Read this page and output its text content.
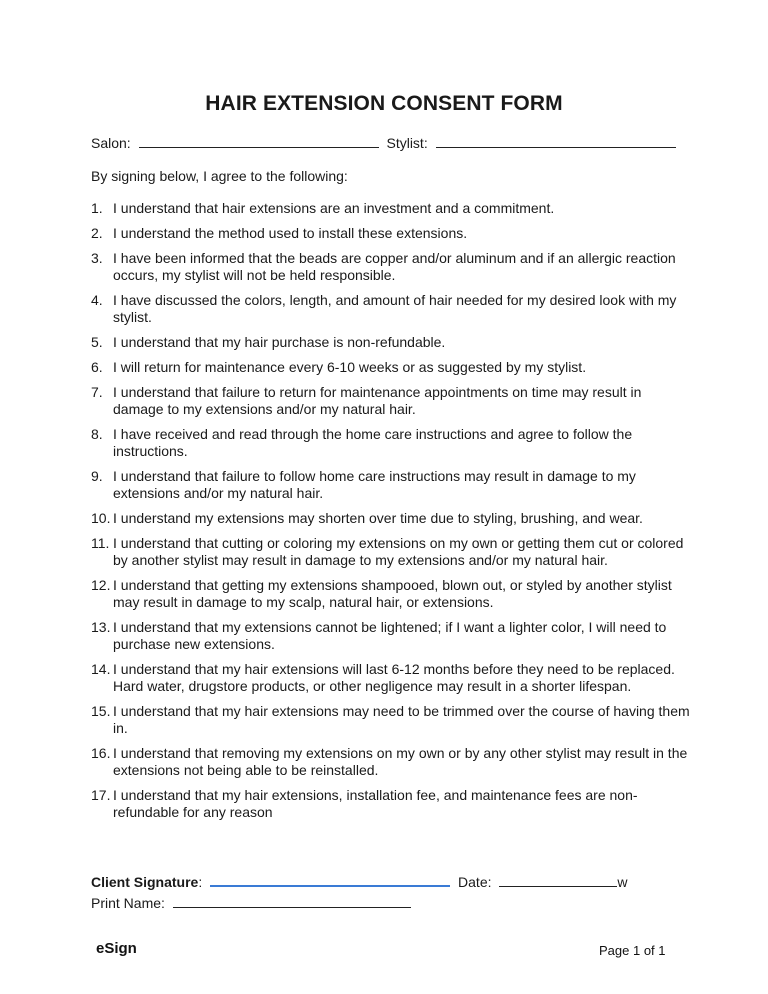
HAIR EXTENSION CONSENT FORM
Salon:	Stylist:
By signing below, I agree to the following:
1. I understand that hair extensions are an investment and a commitment.
2. I understand the method used to install these extensions.
3. I have been informed that the beads are copper and/or aluminum and if an allergic reaction occurs, my stylist will not be held responsible.
4. I have discussed the colors, length, and amount of hair needed for my desired look with my stylist.
5. I understand that my hair purchase is non-refundable.
6. I will return for maintenance every 6-10 weeks or as suggested by my stylist.
7. I understand that failure to return for maintenance appointments on time may result in damage to my extensions and/or my natural hair.
8. I have received and read through the home care instructions and agree to follow the instructions.
9. I understand that failure to follow home care instructions may result in damage to my extensions and/or my natural hair.
10. I understand my extensions may shorten over time due to styling, brushing, and wear.
11. I understand that cutting or coloring my extensions on my own or getting them cut or colored by another stylist may result in damage to my extensions and/or my natural hair.
12. I understand that getting my extensions shampooed, blown out, or styled by another stylist may result in damage to my scalp, natural hair, or extensions.
13. I understand that my extensions cannot be lightened; if I want a lighter color, I will need to purchase new extensions.
14. I understand that my hair extensions will last 6-12 months before they need to be replaced. Hard water, drugstore products, or other negligence may result in a shorter lifespan.
15. I understand that my hair extensions may need to be trimmed over the course of having them in.
16. I understand that removing my extensions on my own or by any other stylist may result in the extensions not being able to be reinstalled.
17. I understand that my hair extensions, installation fee, and maintenance fees are non-refundable for any reason
Client Signature:	Date:	w
Print Name:
eSign	Page 1 of 1
